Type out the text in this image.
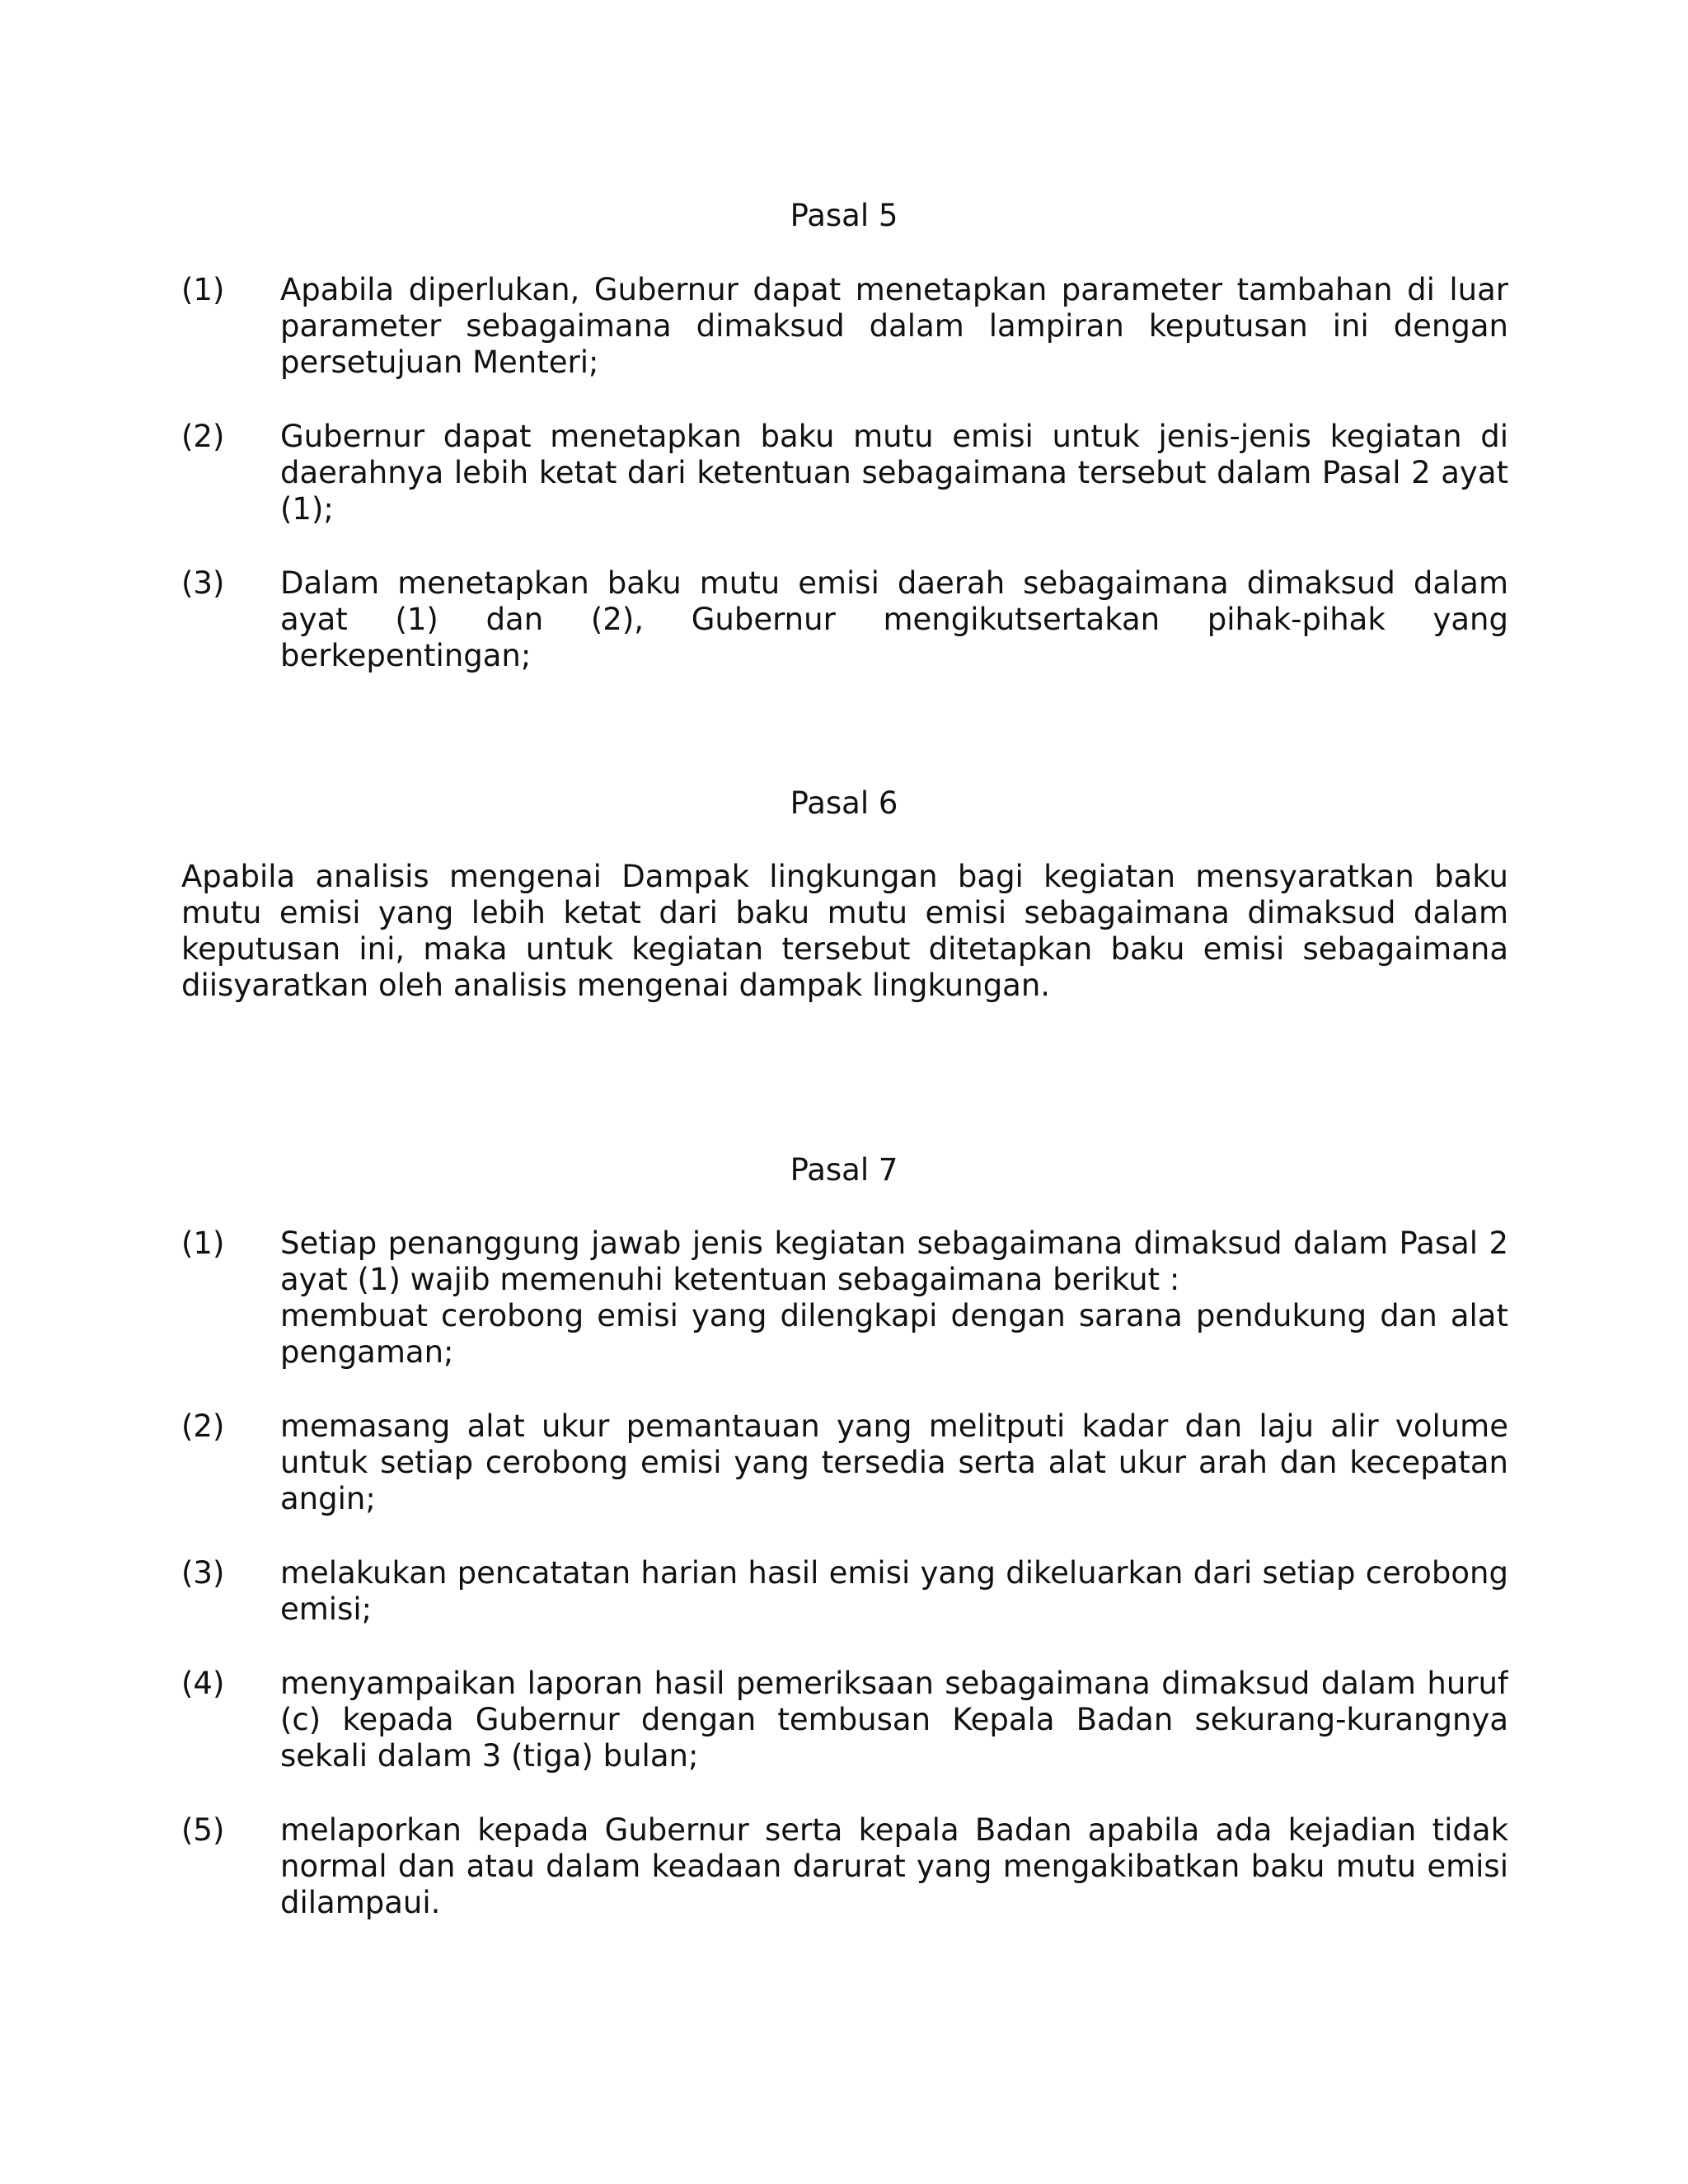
Pasal 5
(1)	Apabila diperlukan, Gubernur dapat menetapkan parameter tambahan di luar
parameter sebagaimana dimaksud dalam lampiran keputusan ini dengan
persetujuan Menteri;
(2)	Gubernur dapat menetapkan baku mutu emisi untuk jenis-jenis kegiatan di
daerahnya lebih ketat dari ketentuan sebagaimana tersebut dalam Pasal 2 ayat
(1);
(3)	Dalam menetapkan baku mutu emisi daerah sebagaimana dimaksud dalam
ayat (1) dan (2), Gubernur mengikutsertakan pihak-pihak yang
berkepentingan;
Pasal 6
Apabila analisis mengenai Dampak lingkungan bagi kegiatan mensyaratkan baku
mutu emisi yang lebih ketat dari baku mutu emisi sebagaimana dimaksud dalam
keputusan ini, maka untuk kegiatan tersebut ditetapkan baku emisi sebagaimana
diisyaratkan oleh analisis mengenai dampak lingkungan.
Pasal 7
(1)	Setiap penanggung jawab jenis kegiatan sebagaimana dimaksud dalam Pasal 2
ayat (1) wajib memenuhi ketentuan sebagaimana berikut :
membuat cerobong emisi yang dilengkapi dengan sarana pendukung dan alat
pengaman;
(2)	memasang alat ukur pemantauan yang melitputi kadar dan laju alir volume
untuk setiap cerobong emisi yang tersedia serta alat ukur arah dan kecepatan
angin;
(3)	melakukan pencatatan harian hasil emisi yang dikeluarkan dari setiap cerobong
emisi;
(4)	menyampaikan laporan hasil pemeriksaan sebagaimana dimaksud dalam huruf
(c) kepada Gubernur dengan tembusan Kepala Badan sekurang-kurangnya
sekali dalam 3 (tiga) bulan;
(5)	melaporkan kepada Gubernur serta kepala Badan apabila ada kejadian tidak
normal dan atau dalam keadaan darurat yang mengakibatkan baku mutu emisi
dilampaui.
